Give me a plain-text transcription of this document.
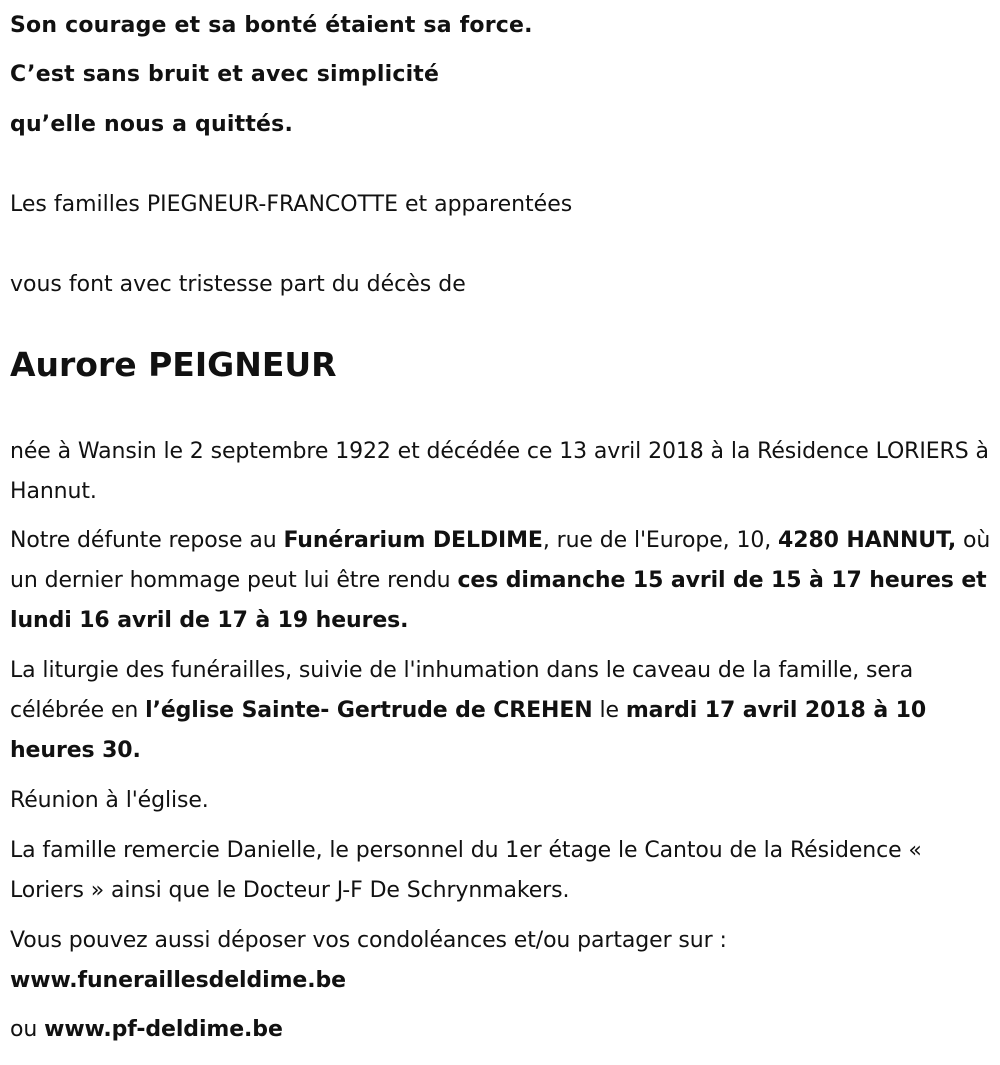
Son courage et sa bonté étaient sa force.

C’est sans bruit et avec simplicité

qu’elle nous a quittés.

Les familles PIEGNEUR-FRANCOTTE et apparentées

vous font avec tristesse part du décès de

Aurore PEIGNEUR

née à Wansin le 2 septembre 1922 et décédée ce 13 avril 2018 à la Résidence LORIERS à Hannut.

Notre défunte repose au Funérarium DELDIME, rue de l'Europe, 10, 4280 HANNUT, où un dernier hommage peut lui être rendu ces dimanche 15 avril de 15 à 17 heures et lundi 16 avril de 17 à 19 heures.

La liturgie des funérailles, suivie de l'inhumation dans le caveau de la famille, sera célébrée en l’église Sainte- Gertrude de CREHEN le mardi 17 avril 2018 à 10 heures 30.

Réunion à l'église.

La famille remercie Danielle, le personnel du 1er étage le Cantou de la Résidence « Loriers » ainsi que le Docteur J-F De Schrynmakers.

Vous pouvez aussi déposer vos condoléances et/ou partager sur :
www.funeraillesdeldime.be

ou www.pf-deldime.be
